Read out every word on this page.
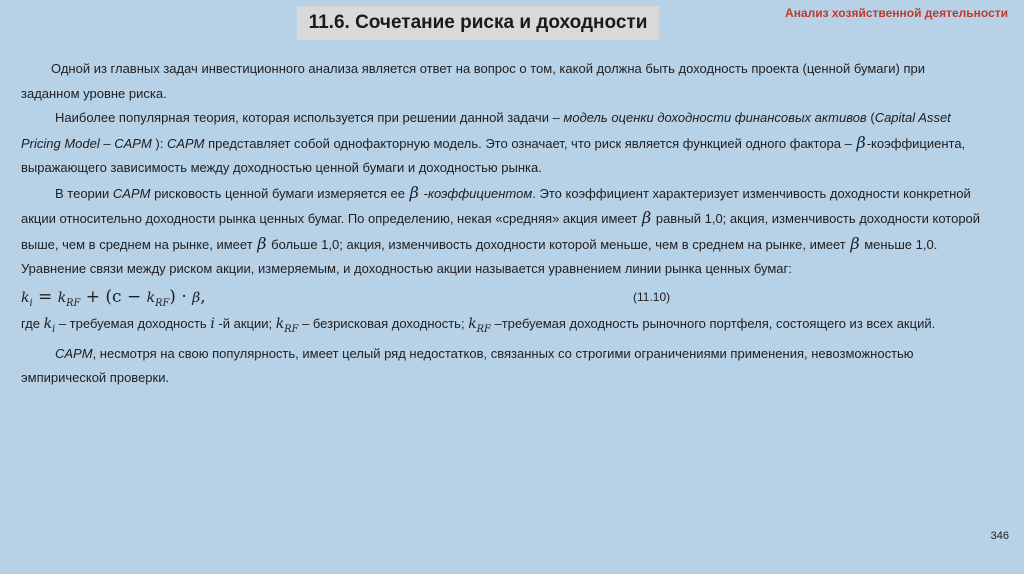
11.6. Сочетание риска и доходности	Анализ хозяйственной деятельности

Одной из главных задач инвестиционного анализа является ответ на вопрос о том, какой должна быть доходность проекта (ценной бумаги) при заданном уровне риска.

Наиболее популярная теория, которая используется при решении данной задачи – модель оценки доходности финансовых активов (Capital Asset Pricing Model – CAPM ): CAPM представляет собой однофакторную модель. Это означает, что риск является функцией одного фактора – β-коэффициента, выражающего зависимость между доходностью ценной бумаги и доходностью рынка.

В теории CAPM рисковость ценной бумаги измеряется ее β -коэффициентом. Это коэффициент характеризует изменчивость доходности конкретной акции относительно доходности рынка ценных бумаг. По определению, некая «средняя» акция имеет β равный 1,0; акция, изменчивость доходности которой выше, чем в среднем на рынке, имеет β больше 1,0; акция, изменчивость доходности которой меньше, чем в среднем на рынке, имеет β меньше 1,0. Уравнение связи между риском акции, измеряемым, и доходностью акции называется уравнением линии рынка ценных бумаг:

$k_i = k_{RF} + (c - k_{RF}) \cdot \beta$,	(11.10)

где $k_i$ – требуемая доходность i -й акции; $k_{RF}$ – безрисковая доходность; $k_{RF}$ –требуемая доходность рыночного портфеля, состоящего из всех акций.

CAPM, несмотря на свою популярность, имеет целый ряд недостатков, связанных со строгими ограничениями применения, невозможностью эмпирической проверки.

346
